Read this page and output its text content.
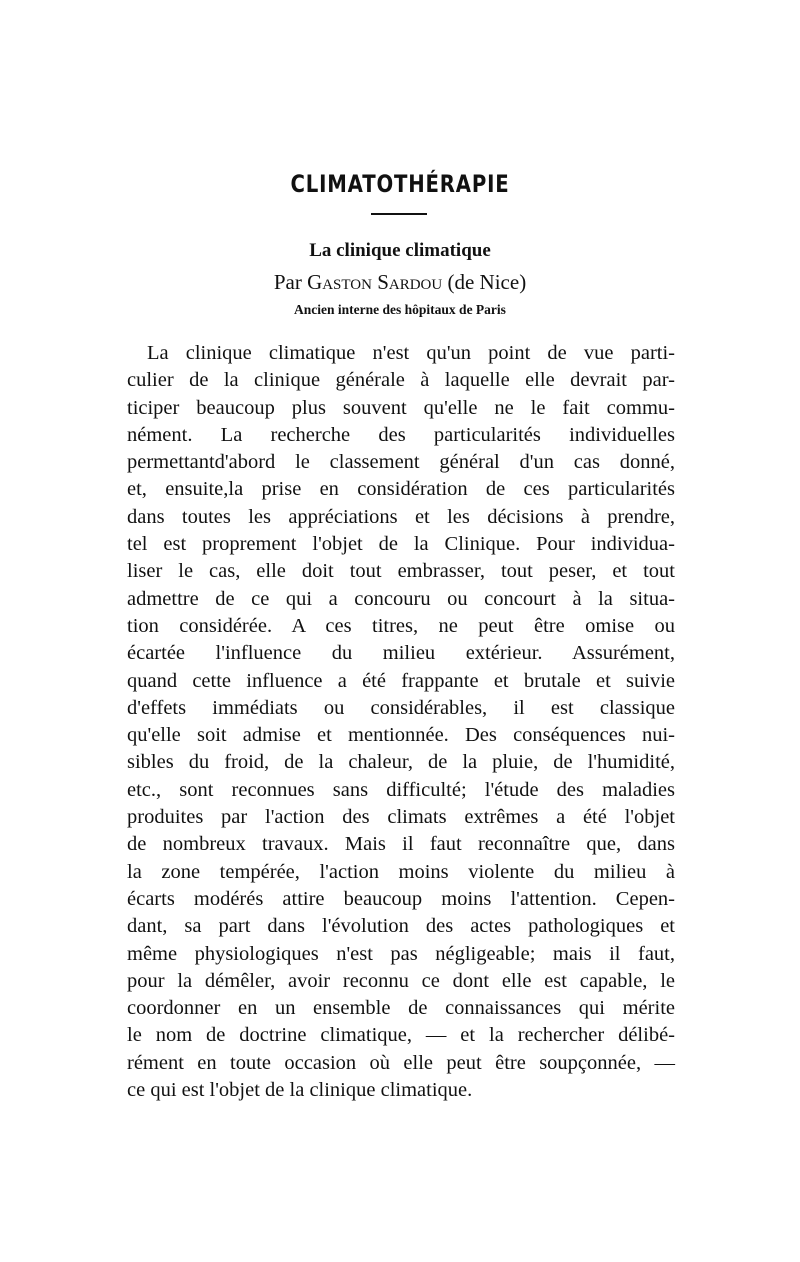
CLIMATOTHÉRAPIE
La clinique climatique
Par Gaston Sardou (de Nice)
Ancien interne des hôpitaux de Paris
La clinique climatique n'est qu'un point de vue parti-
culier de la clinique générale à laquelle elle devrait par-
ticiper beaucoup plus souvent qu'elle ne le fait commu-
nément. La recherche des particularités individuelles
permettantd'abord le classement général d'un cas donné,
et, ensuite,la prise en considération de ces particularités
dans toutes les appréciations et les décisions à prendre,
tel est proprement l'objet de la Clinique. Pour individua-
liser le cas, elle doit tout embrasser, tout peser, et tout
admettre de ce qui a concouru ou concourt à la situa-
tion considérée. A ces titres, ne peut être omise ou
écartée l'influence du milieu extérieur. Assurément,
quand cette influence a été frappante et brutale et suivie
d'effets immédiats ou considérables, il est classique
qu'elle soit admise et mentionnée. Des conséquences nui-
sibles du froid, de la chaleur, de la pluie, de l'humidité,
etc., sont reconnues sans difficulté; l'étude des maladies
produites par l'action des climats extrêmes a été l'objet
de nombreux travaux. Mais il faut reconnaître que, dans
la zone tempérée, l'action moins violente du milieu à
écarts modérés attire beaucoup moins l'attention. Cepen-
dant, sa part dans l'évolution des actes pathologiques et
même physiologiques n'est pas négligeable; mais il faut,
pour la démêler, avoir reconnu ce dont elle est capable, le
coordonner en un ensemble de connaissances qui mérite
le nom de doctrine climatique, — et la rechercher délibé-
rément en toute occasion où elle peut être soupçonnée, —
ce qui est l'objet de la clinique climatique.
